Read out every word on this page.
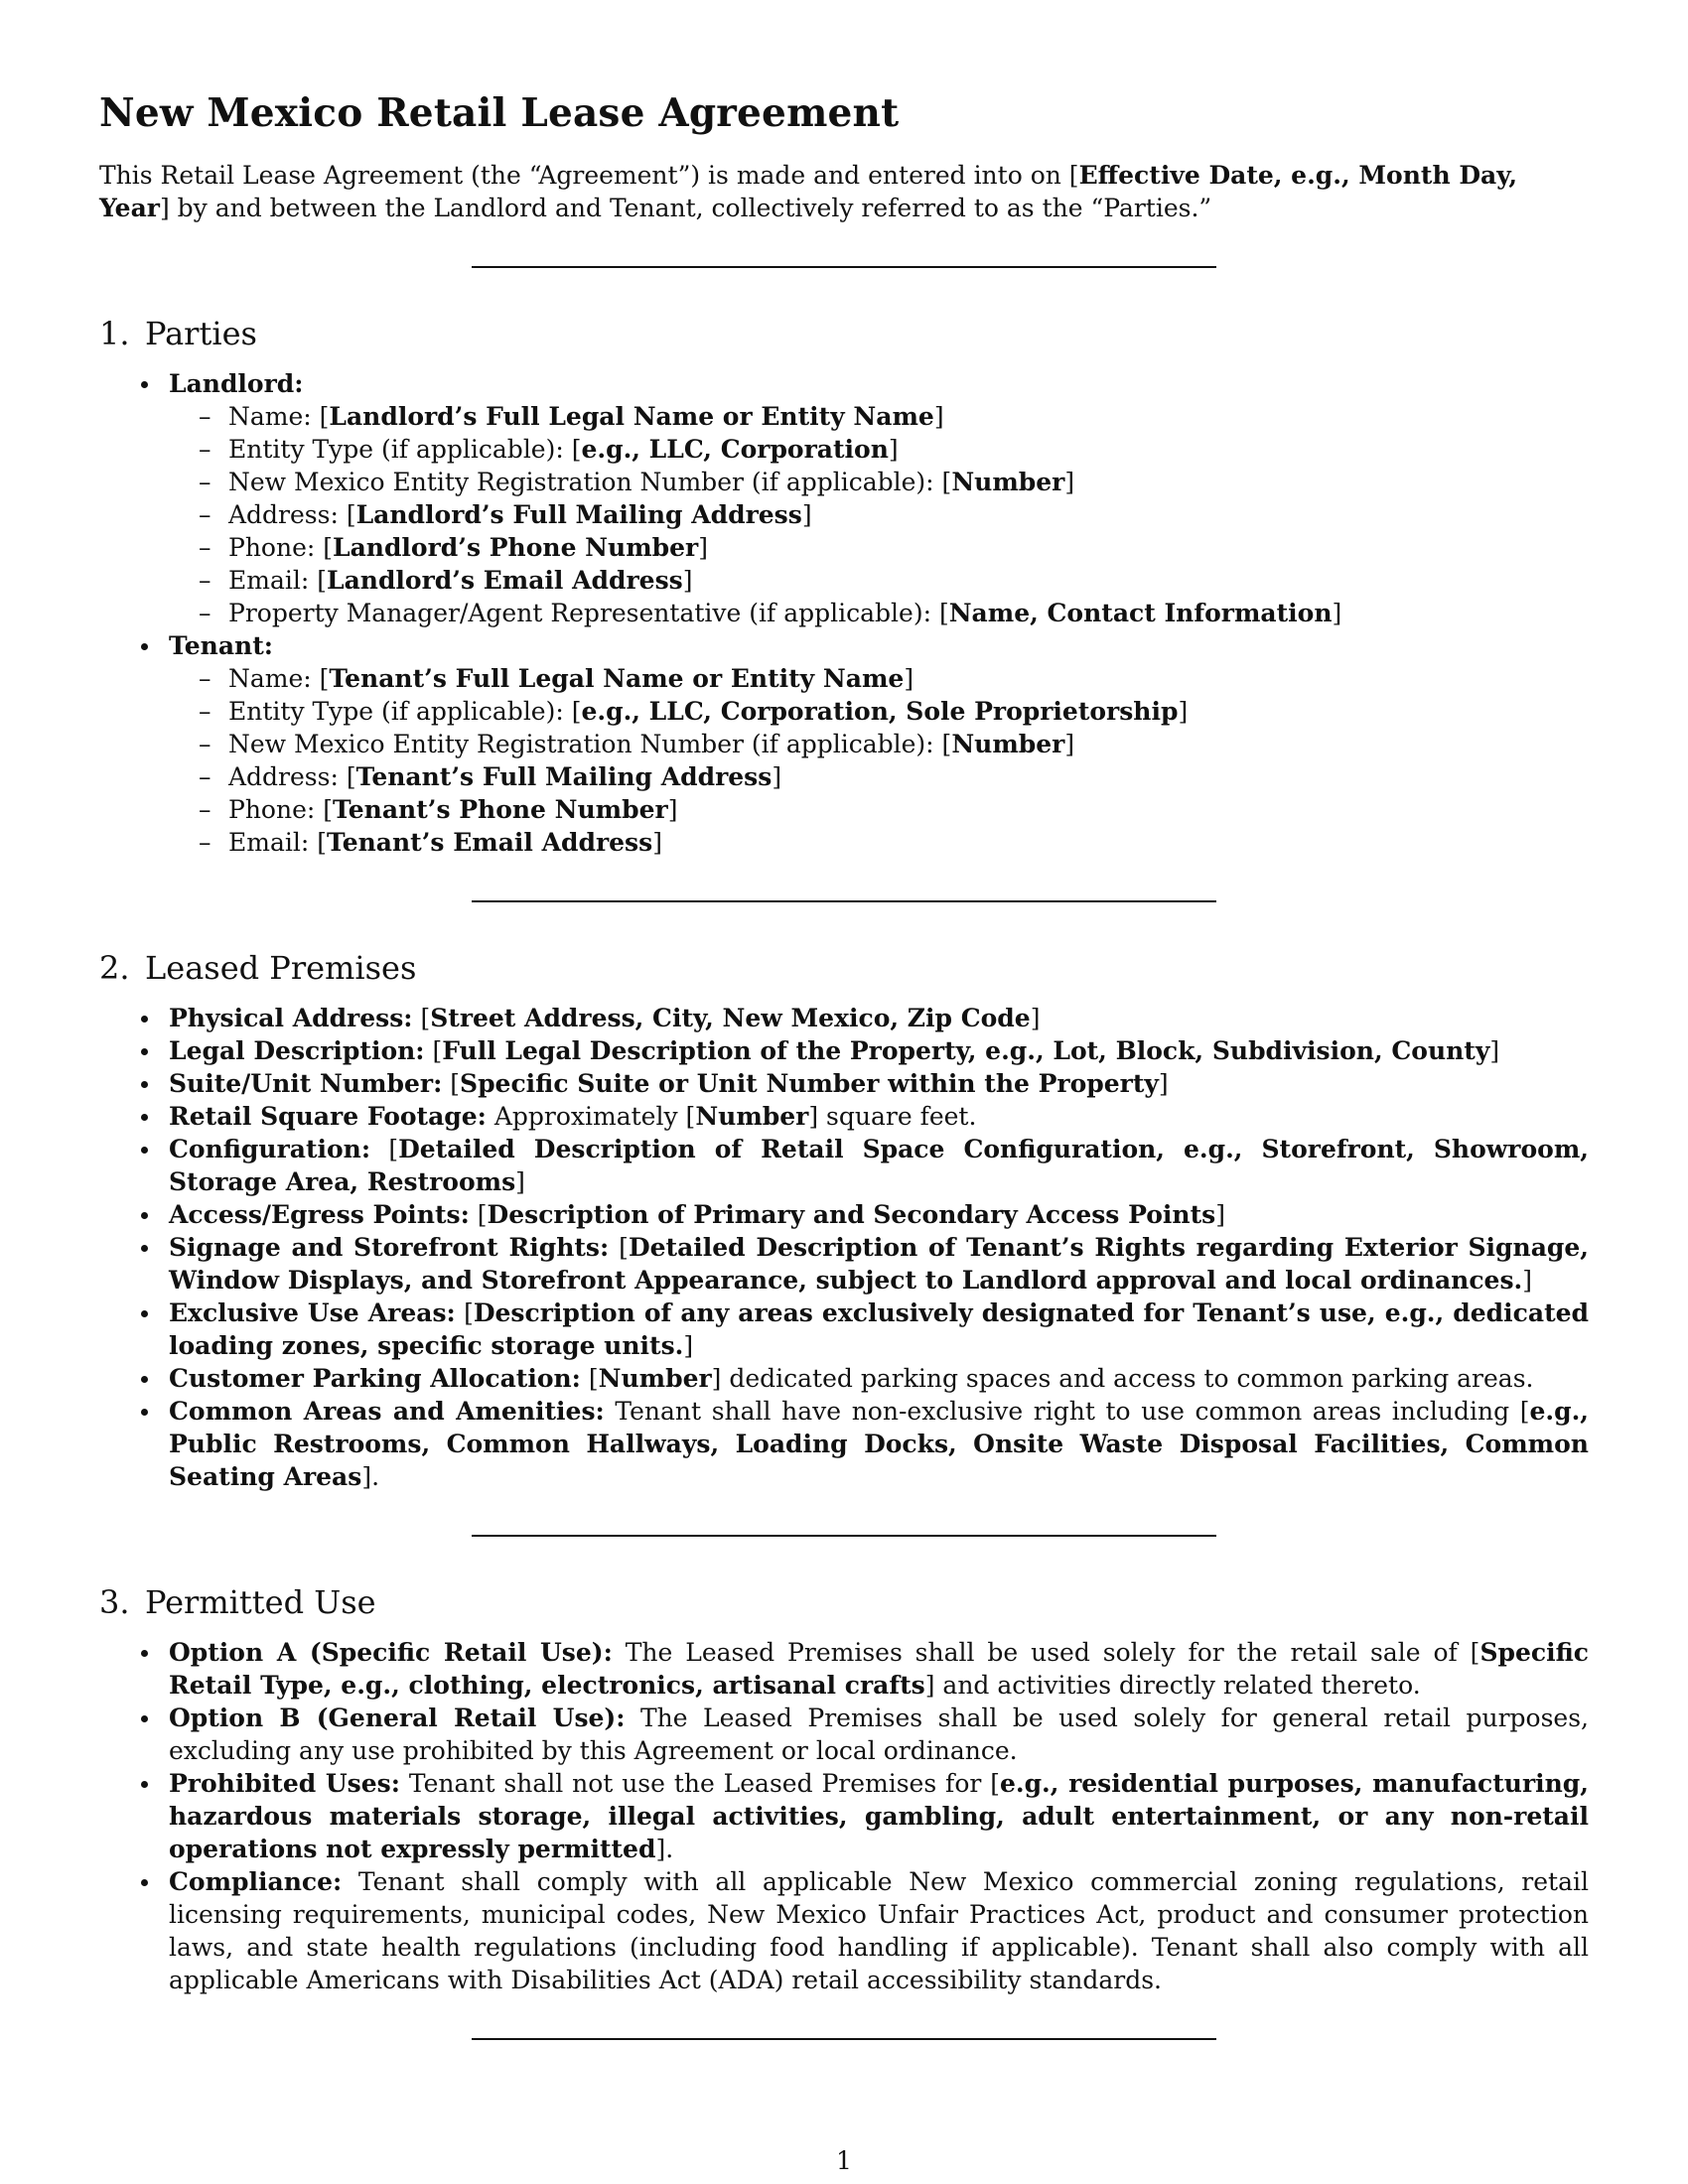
New Mexico Retail Lease Agreement

This Retail Lease Agreement (the “Agreement”) is made and entered into on [Effective Date, e.g., Month Day, Year] by and between the Landlord and Tenant, collectively referred to as the “Parties.”

1. Parties
Landlord:
– Name: [Landlord’s Full Legal Name or Entity Name]
– Entity Type (if applicable): [e.g., LLC, Corporation]
– New Mexico Entity Registration Number (if applicable): [Number]
– Address: [Landlord’s Full Mailing Address]
– Phone: [Landlord’s Phone Number]
– Email: [Landlord’s Email Address]
– Property Manager/Agent Representative (if applicable): [Name, Contact Information]
Tenant:
– Name: [Tenant’s Full Legal Name or Entity Name]
– Entity Type (if applicable): [e.g., LLC, Corporation, Sole Proprietorship]
– New Mexico Entity Registration Number (if applicable): [Number]
– Address: [Tenant’s Full Mailing Address]
– Phone: [Tenant’s Phone Number]
– Email: [Tenant’s Email Address]
2. Leased Premises
Physical Address: [Street Address, City, New Mexico, Zip Code]
Legal Description: [Full Legal Description of the Property, e.g., Lot, Block, Subdivision, County]
Suite/Unit Number: [Specific Suite or Unit Number within the Property]
Retail Square Footage: Approximately [Number] square feet.
Configuration: [Detailed Description of Retail Space Configuration, e.g., Storefront, Showroom, Storage Area, Restrooms]
Access/Egress Points: [Description of Primary and Secondary Access Points]
Signage and Storefront Rights: [Detailed Description of Tenant’s Rights regarding Exterior Signage, Window Displays, and Storefront Appearance, subject to Landlord approval and local ordinances.]
Exclusive Use Areas: [Description of any areas exclusively designated for Tenant’s use, e.g., dedicated loading zones, specific storage units.]
Customer Parking Allocation: [Number] dedicated parking spaces and access to common parking areas.
Common Areas and Amenities: Tenant shall have non-exclusive right to use common areas including [e.g., Public Restrooms, Common Hallways, Loading Docks, Onsite Waste Disposal Facilities, Common Seating Areas].
3. Permitted Use
Option A (Specific Retail Use): The Leased Premises shall be used solely for the retail sale of [Specific Retail Type, e.g., clothing, electronics, artisanal crafts] and activities directly related thereto.
Option B (General Retail Use): The Leased Premises shall be used solely for general retail purposes, excluding any use prohibited by this Agreement or local ordinance.
Prohibited Uses: Tenant shall not use the Leased Premises for [e.g., residential purposes, manufacturing, hazardous materials storage, illegal activities, gambling, adult entertainment, or any non-retail operations not expressly permitted].
Compliance: Tenant shall comply with all applicable New Mexico commercial zoning regulations, retail licensing requirements, municipal codes, New Mexico Unfair Practices Act, product and consumer protection laws, and state health regulations (including food handling if applicable). Tenant shall also comply with all applicable Americans with Disabilities Act (ADA) retail accessibility standards.
1
